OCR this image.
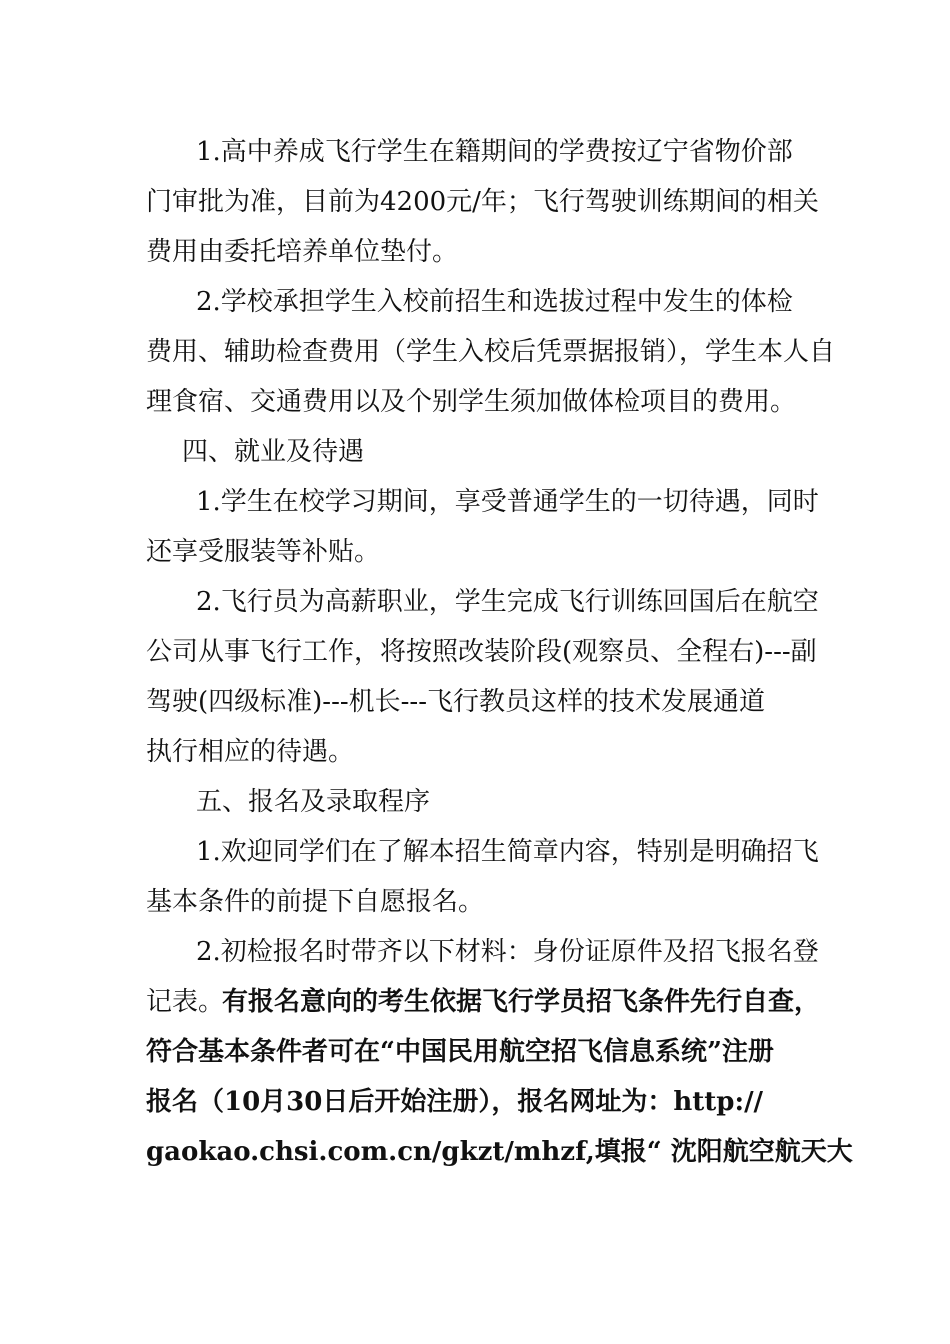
1.高中养成飞行学生在籍期间的学费按辽宁省物价部
门审批为准，目前为4200元/年；飞行驾驶训练期间的相关
费用由委托培养单位垫付。
2.学校承担学生入校前招生和选拔过程中发生的体检
费用、辅助检查费用（学生入校后凭票据报销），学生本人自
理食宿、交通费用以及个别学生须加做体检项目的费用。
四、就业及待遇
1.学生在校学习期间，享受普通学生的一切待遇，同时
还享受服装等补贴。
2.飞行员为高薪职业，学生完成飞行训练回国后在航空
公司从事飞行工作，将按照改装阶段(观察员、全程右)---副
驾驶(四级标准)---机长---飞行教员这样的技术发展通道
执行相应的待遇。
五、报名及录取程序
1.欢迎同学们在了解本招生简章内容，特别是明确招飞
基本条件的前提下自愿报名。
2.初检报名时带齐以下材料：身份证原件及招飞报名登
记表。
有报名意向的考生依据飞行学员招飞条件先行自查，
符合基本条件者可在“中国民用航空招飞信息系统”注册
报名（10月30日后开始注册），报名网址为：http://
gaokao.chsi.com.cn/gkzt/mhzf,填报“ 沈阳航空航天大
